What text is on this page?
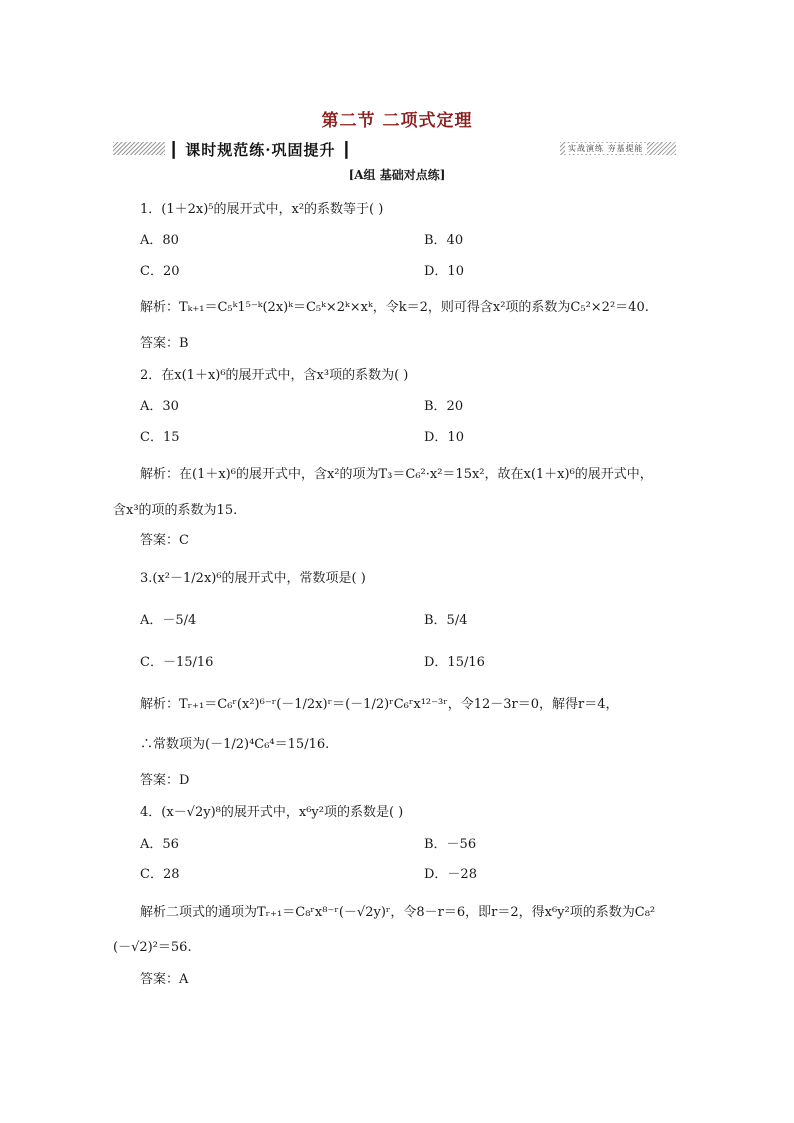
第二节 二项式定理
┃ 课时规范练·巩固提升 ┃	实战演练 夯基提能
[A组 基础对点练]
1．(1＋2x)⁵的展开式中，x²的系数等于( )
A．80	B．40
C．20	D．10
解析：Tₖ₊₁＝C₅ᵏ1⁵⁻ᵏ(2x)ᵏ＝C₅ᵏ×2ᵏ×xᵏ，令k＝2，则可得含x²项的系数为C₅²×2²＝40.
答案：B
2．在x(1＋x)⁶的展开式中，含x³项的系数为( )
A．30	B．20
C．15	D．10
解析：在(1＋x)⁶的展开式中，含x²的项为T₃＝C₆²·x²＝15x²，故在x(1＋x)⁶的展开式中，
含x³的项的系数为15.
答案：C
3.(x²－1/2x)⁶的展开式中，常数项是( )
A．－5/4	B．5/4
C．－15/16	D．15/16
解析：Tᵣ₊₁＝C₆ʳ(x²)⁶⁻ʳ(－1/2x)ʳ＝(－1/2)ʳC₆ʳx¹²⁻³ʳ，令12－3r＝0，解得r＝4，
∴常数项为(－1/2)⁴C₆⁴＝15/16.
答案：D
4．(x－√2y)⁸的展开式中，x⁶y²项的系数是( )
A．56	B．－56
C．28	D．－28
解析二项式的通项为Tᵣ₊₁＝C₈ʳx⁸⁻ʳ(－√2y)ʳ，令8－r＝6，即r＝2，得x⁶y²项的系数为C₈²
(－√2)²＝56.
答案：A
